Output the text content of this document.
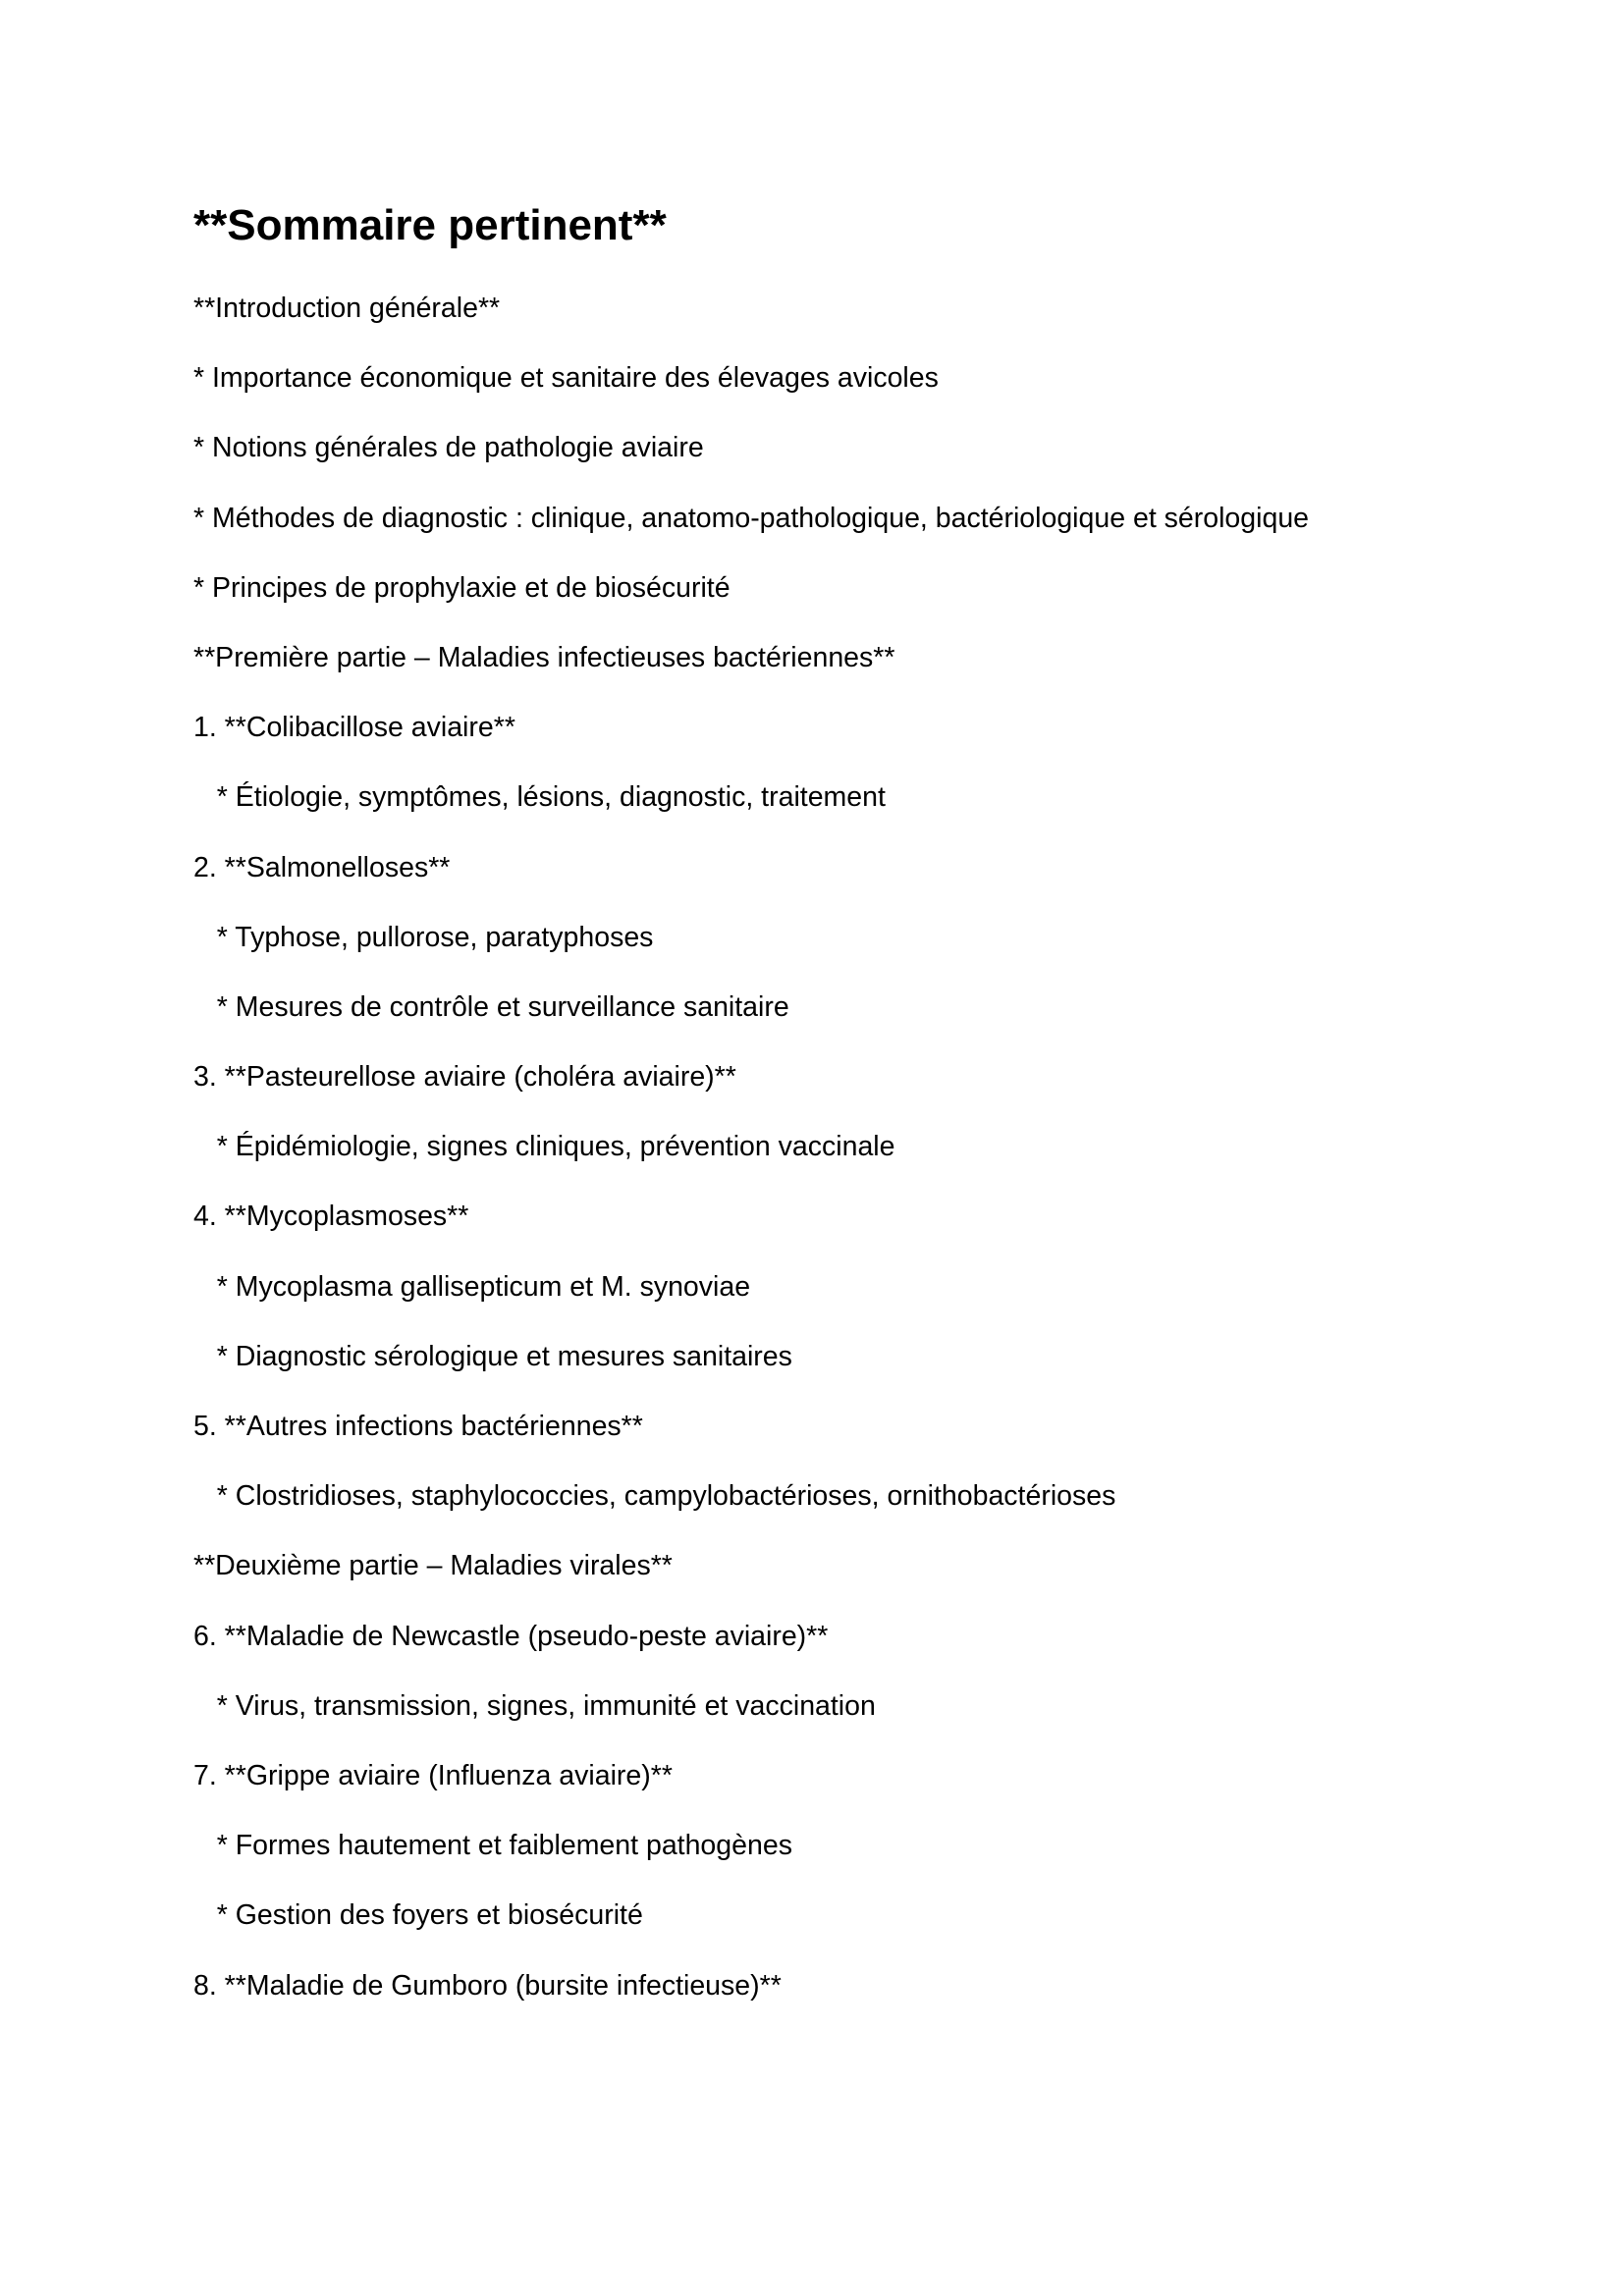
**Sommaire pertinent**
**Introduction générale**
* Importance économique et sanitaire des élevages avicoles
* Notions générales de pathologie aviaire
* Méthodes de diagnostic : clinique, anatomo-pathologique, bactériologique et sérologique
* Principes de prophylaxie et de biosécurité
**Première partie – Maladies infectieuses bactériennes**
1. **Colibacillose aviaire**
* Étiologie, symptômes, lésions, diagnostic, traitement
2. **Salmonelloses**
* Typhose, pullorose, paratyphoses
* Mesures de contrôle et surveillance sanitaire
3. **Pasteurellose aviaire (choléra aviaire)**
* Épidémiologie, signes cliniques, prévention vaccinale
4. **Mycoplasmoses**
* Mycoplasma gallisepticum et M. synoviae
* Diagnostic sérologique et mesures sanitaires
5. **Autres infections bactériennes**
* Clostridioses, staphylococcies, campylobactérioses, ornithobactérioses
**Deuxième partie – Maladies virales**
6. **Maladie de Newcastle (pseudo-peste aviaire)**
* Virus, transmission, signes, immunité et vaccination
7. **Grippe aviaire (Influenza aviaire)**
* Formes hautement et faiblement pathogènes
* Gestion des foyers et biosécurité
8. **Maladie de Gumboro (bursite infectieuse)**
